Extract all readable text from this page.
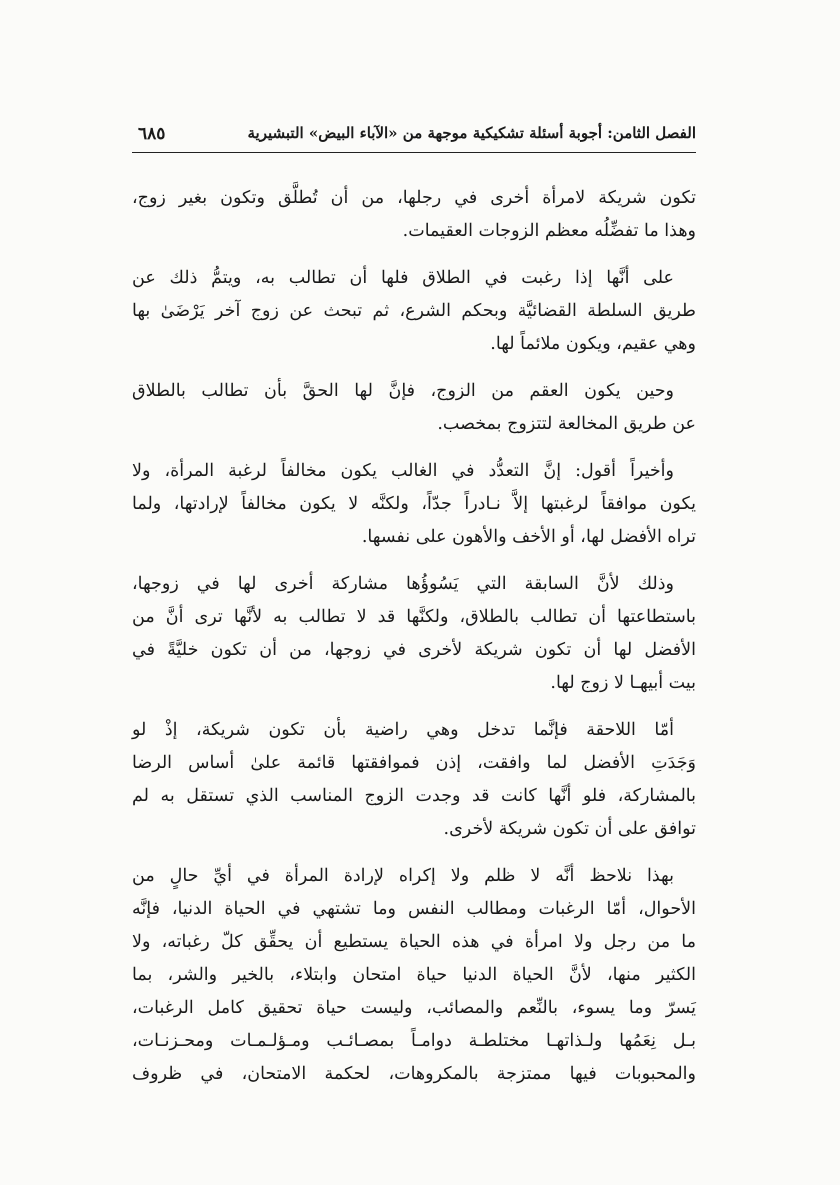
الفصل الثامن: أجوبة أسئلة تشكيكية موجهة من «الآباء البيض» التبشيرية
٦٨٥
تكون شريكة لامرأة أخرى في رجلها، من أن تُطلَّق وتكون بغير زوج،
وهذا ما تفضِّلُه معظم الزوجات العقيمات.
على أنَّها إذا رغبت في الطلاق فلها أن تطالب به، ويتمُّ ذلك عن
طريق السلطة القضائيَّة وبحكم الشرع، ثم تبحث عن زوج آخر يَرْضَىٰ بها
وهي عقيم، ويكون ملائماً لها.
وحين يكون العقم من الزوج، فإنَّ لها الحقَّ بأن تطالب بالطلاق
عن طريق المخالعة لتتزوج بمخصب.
وأخيراً أقول: إنَّ التعدُّد في الغالب يكون مخالفاً لرغبة المرأة، ولا
يكون موافقاً لرغبتها إلاَّ نـادراً جدّاً، ولكنَّه لا يكون مخالفاً لإرادتها، ولما
تراه الأفضل لها، أو الأخف والأهون على نفسها.
وذلك لأنَّ السابقة التي يَسُوؤُها مشاركة أخرى لها في زوجها،
باستطاعتها أن تطالب بالطلاق، ولكنَّها قد لا تطالب به لأنَّها ترى أنَّ من
الأفضل لها أن تكون شريكة لأخرى في زوجها، من أن تكون خليَّةً في
بيت أبيهـا لا زوج لها.
أمّا اللاحقة فإنَّما تدخل وهي راضية بأن تكون شريكة، إذْ لو
وَجَدَتِ الأفضل لما وافقت، إذن فموافقتها قائمة علىٰ أساس الرضا
بالمشاركة، فلو أنَّها كانت قد وجدت الزوج المناسب الذي تستقل به لم
توافق على أن تكون شريكة لأخرى.
بهذا نلاحظ أنَّه لا ظلم ولا إكراه لإرادة المرأة في أيِّ حالٍ من
الأحوال، أمّا الرغبات ومطالب النفس وما تشتهي في الحياة الدنيا، فإنَّه
ما من رجل ولا امرأة في هذه الحياة يستطيع أن يحقِّق كلّ رغباته، ولا
الكثير منها، لأنَّ الحياة الدنيا حياة امتحان وابتلاء، بالخير والشر، بما
يَسرّ وما يسوء، بالنِّعم والمصائب، وليست حياة تحقيق كامل الرغبات،
بـل نِعَمُها ولـذاتهـا مختلطـة دوامـاً بمصـائـب ومـؤلـمـات ومحـزنـات،
والمحبوبات فيها ممتزجة بالمكروهات، لحكمة الامتحان، في ظروف
